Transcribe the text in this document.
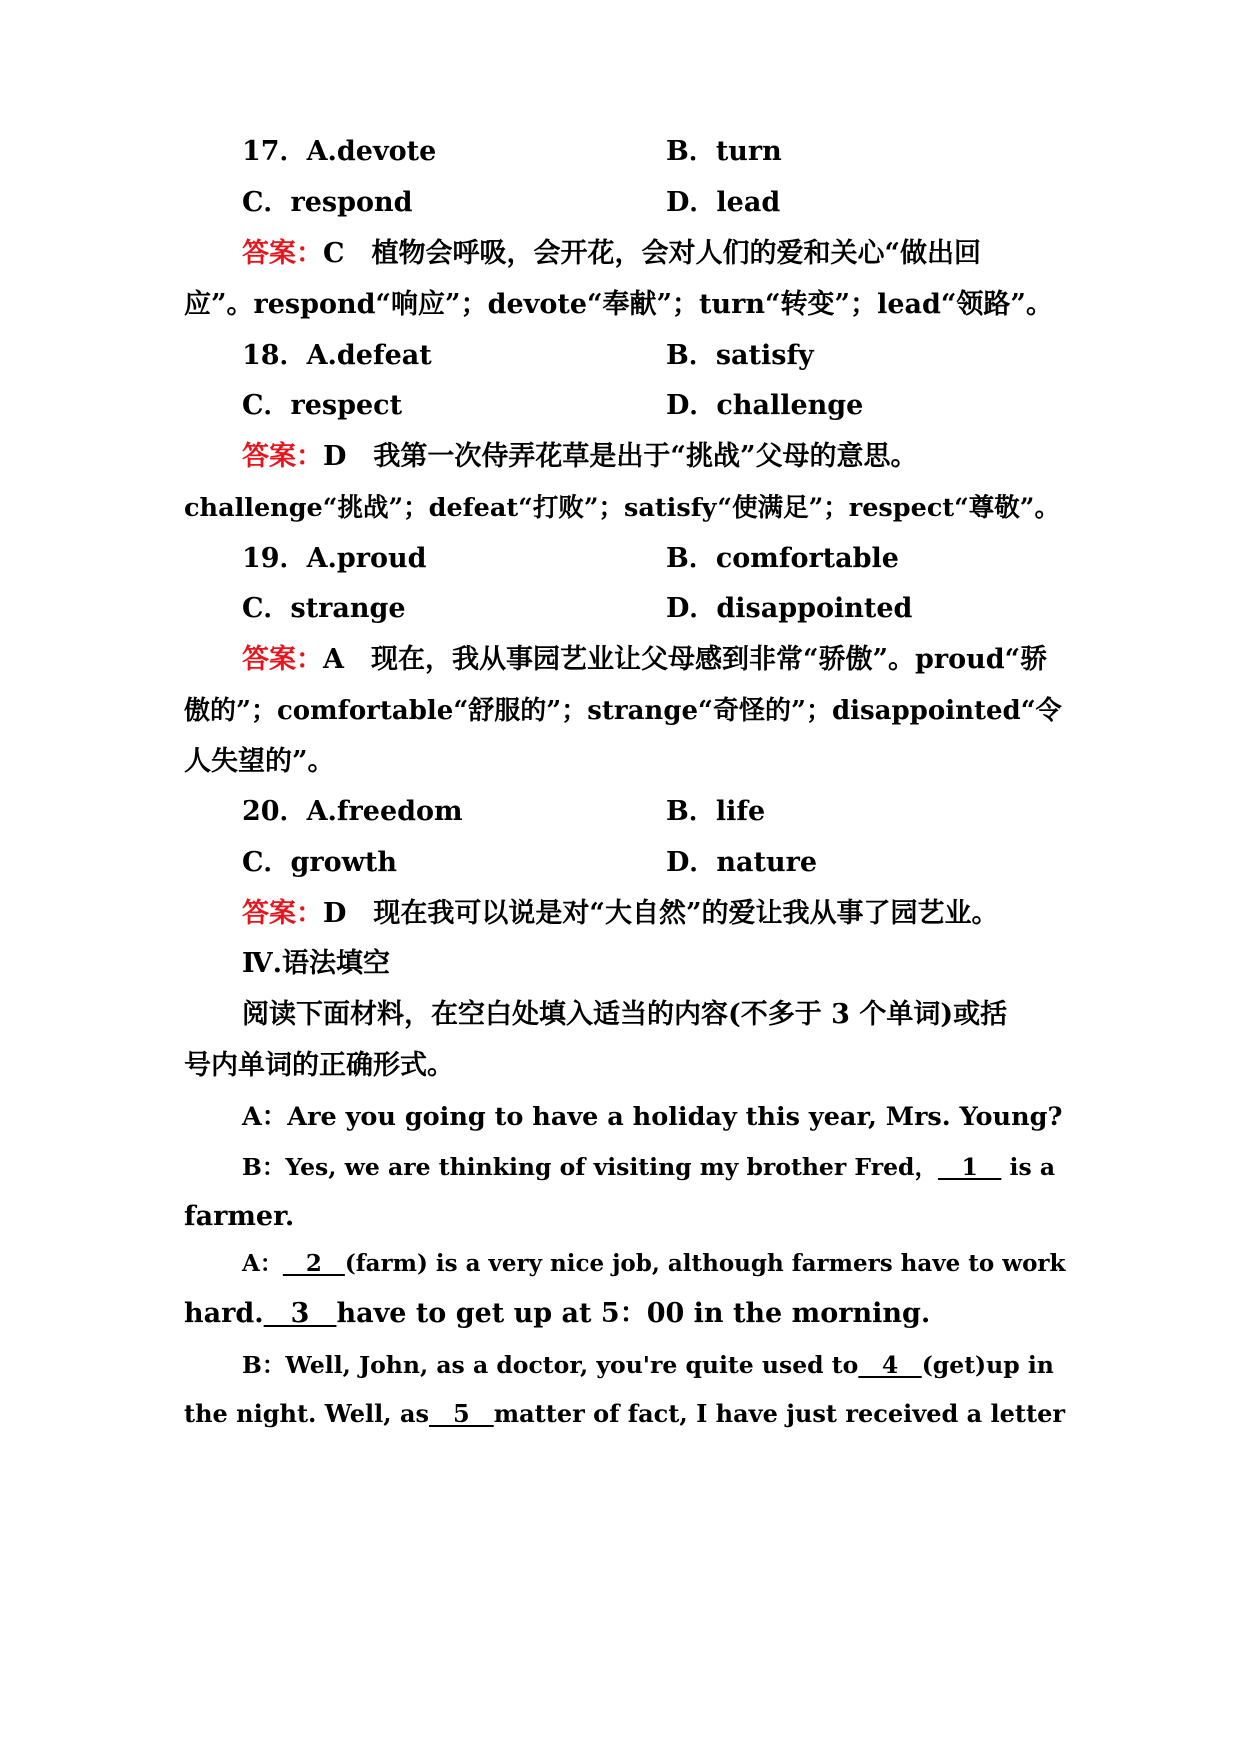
17．A.devote	B．turn
C．respond	D．lead
答案：C　植物会呼吸，会开花，会对人们的爱和关心“做出回
应”。respond“响应”；devote“奉献”；turn“转变”；lead“领路”。
18．A.defeat	B．satisfy
C．respect	D．challenge
答案：D　我第一次侍弄花草是出于“挑战”父母的意思。
challenge“挑战”；defeat“打败”；satisfy“使满足”；respect“尊敬”。
19．A.proud	B．comfortable
C．strange	D．disappointed
答案：A　现在，我从事园艺业让父母感到非常“骄傲”。proud“骄
傲的”；comfortable“舒服的”；strange“奇怪的”；disappointed“令
人失望的”。
20．A.freedom	B．life
C．growth	D．nature
答案：D　现在我可以说是对“大自然”的爱让我从事了园艺业。
Ⅳ.语法填空
阅读下面材料，在空白处填入适当的内容(不多于 3 个单词)或括
号内单词的正确形式。
A：Are you going to have a holiday this year, Mrs. Young?
B：Yes, we are thinking of visiting my brother Fred，　1　 is a
farmer.
A：　2　(farm) is a very nice job, although farmers have to work
hard.　3　have to get up at 5：00 in the morning.
B：Well, John, as a doctor, you're quite used to　4　(get)up in
the night. Well, as　5　matter of fact, I have just received a letter
